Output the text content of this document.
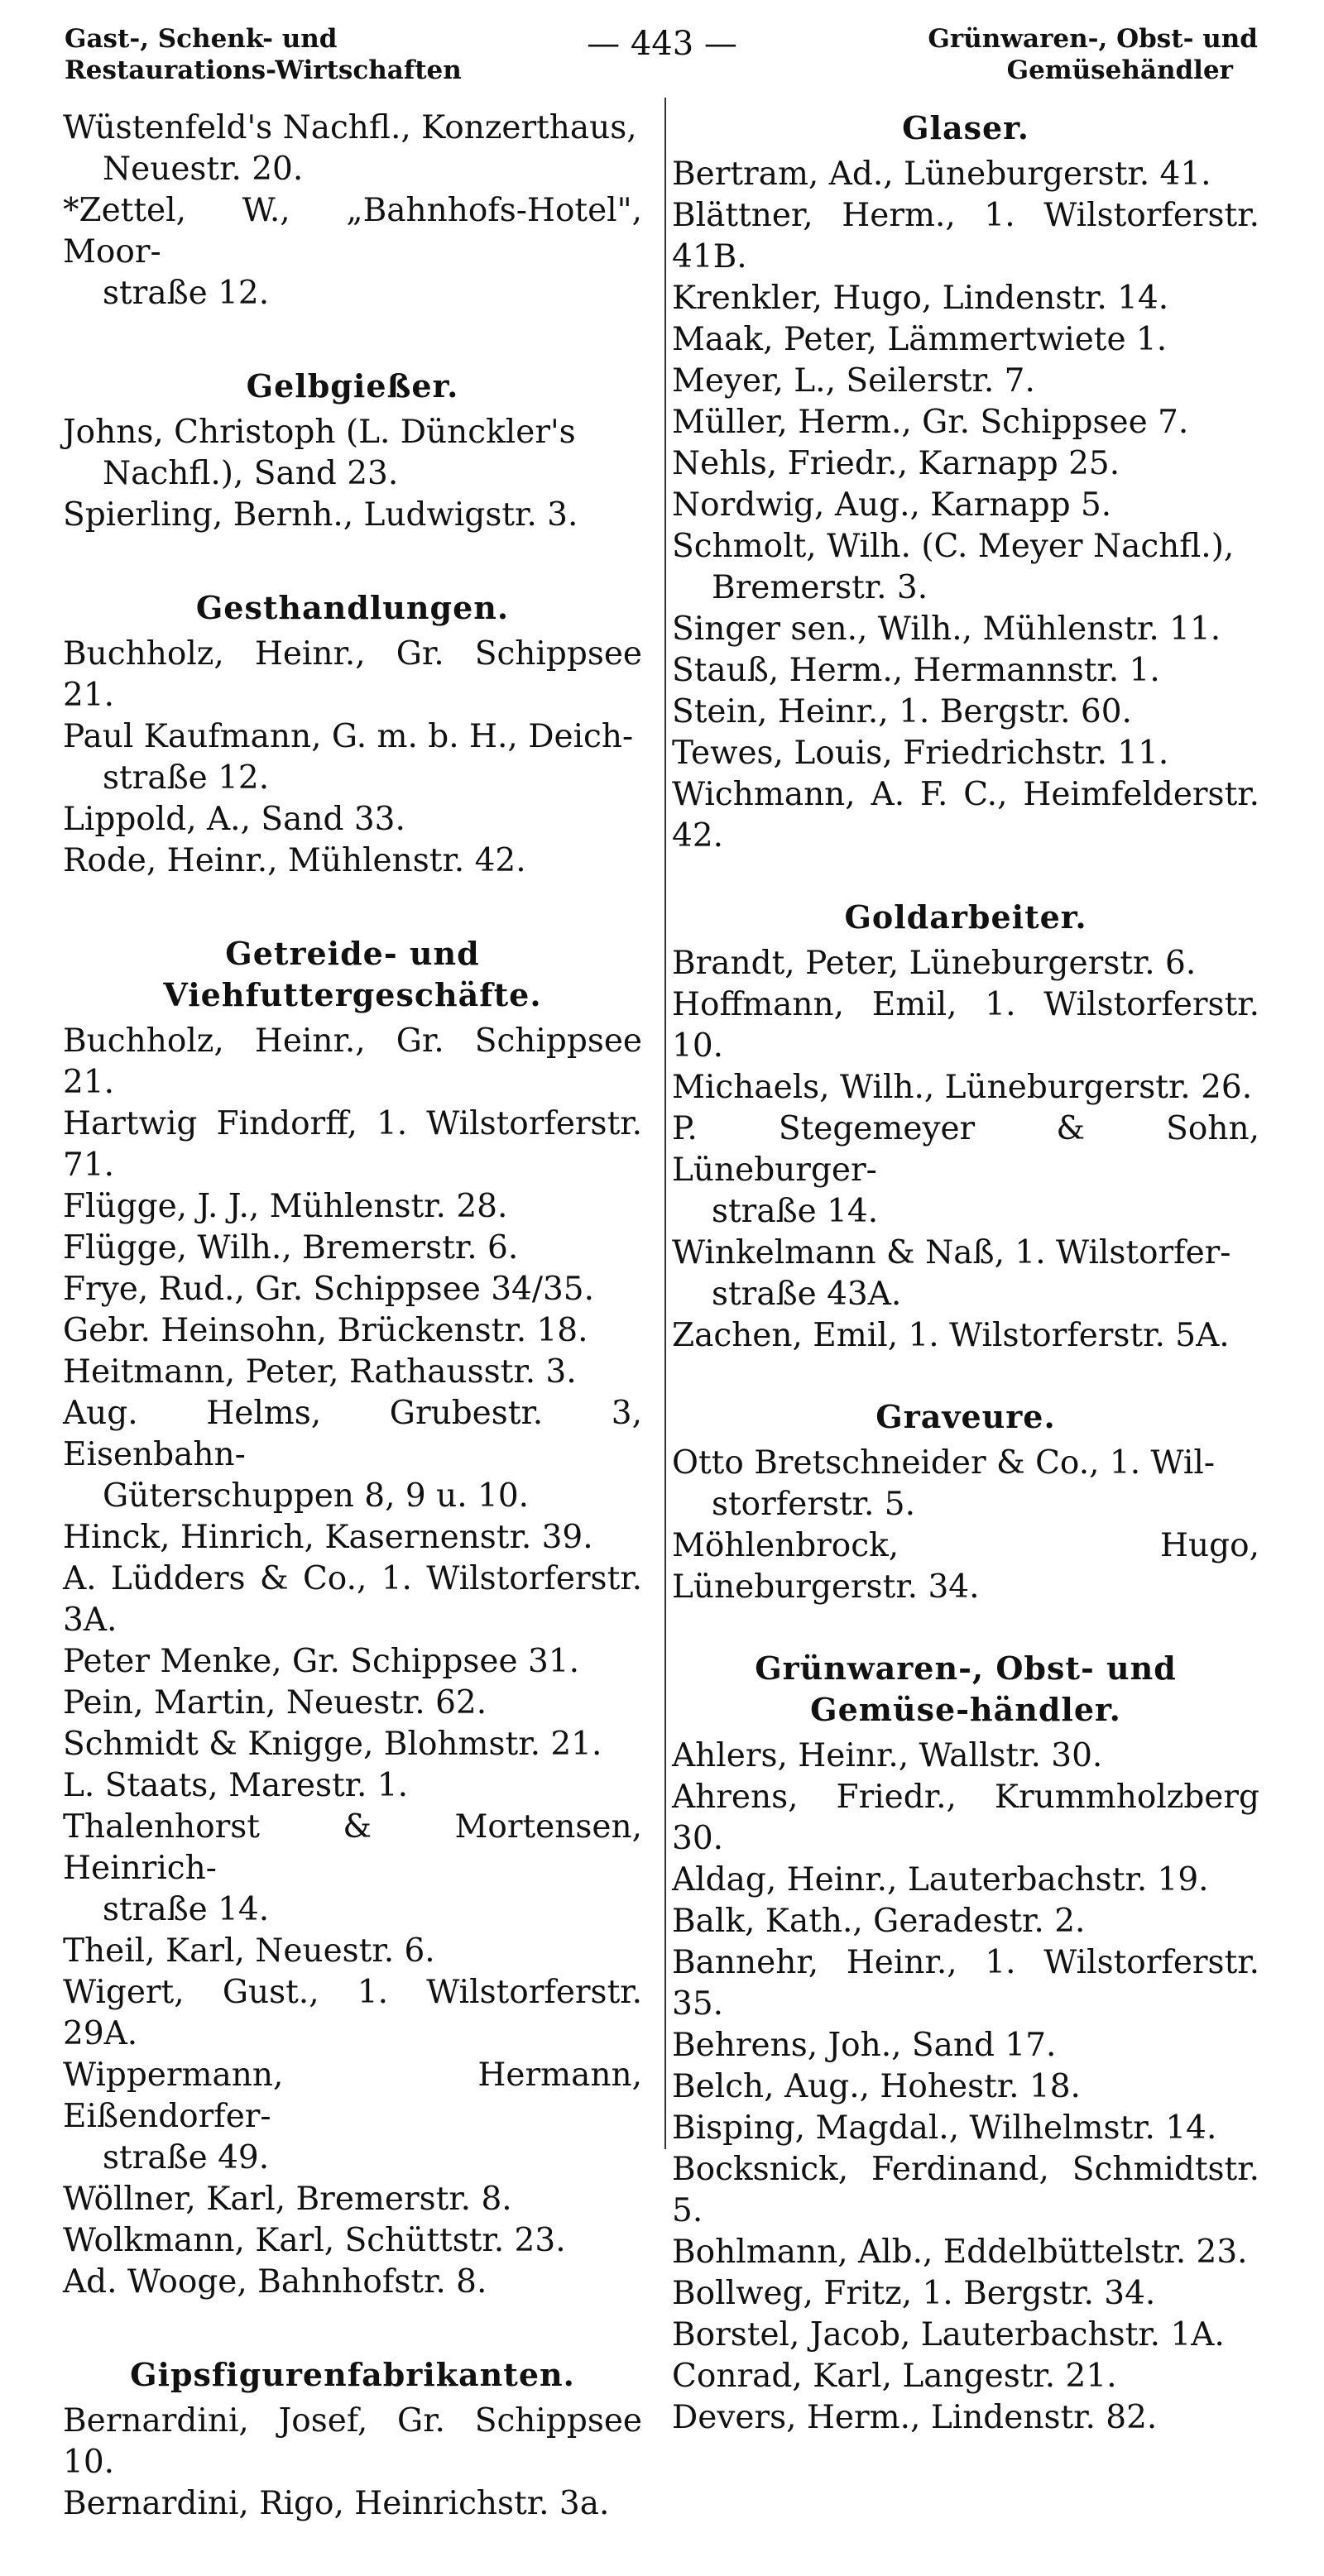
Gast-, Schenk- und
Restaurations-Wirtschaften
— 443 —	Grünwaren-, Obst- und

Gemüsehändler
Wüstenfeld's Nachfl., Konzerthaus,
Neuestr. 20.
*Zettel, W., „Bahnhofs-Hotel", Moor-
straße 12.
Gelbgießer.
Johns, Christoph (L. Dünckler's
Nachfl.), Sand 23.
Spierling, Bernh., Ludwigstr. 3.
Gesthandlungen.
Buchholz, Heinr., Gr. Schippsee 21.
Paul Kaufmann, G. m. b. H., Deich-
straße 12.
Lippold, A., Sand 33.
Rode, Heinr., Mühlenstr. 42.
Getreide- und Viehfuttergeschäfte.
Buchholz, Heinr., Gr. Schippsee 21.
Hartwig Findorff, 1. Wilstorferstr. 71.
Flügge, J. J., Mühlenstr. 28.
Flügge, Wilh., Bremerstr. 6.
Frye, Rud., Gr. Schippsee 34/35.
Gebr. Heinsohn, Brückenstr. 18.
Heitmann, Peter, Rathausstr. 3.
Aug. Helms, Grubestr. 3, Eisenbahn-
Güterschuppen 8, 9 u. 10.
Hinck, Hinrich, Kasernenstr. 39.
A. Lüdders & Co., 1. Wilstorferstr. 3A.
Peter Menke, Gr. Schippsee 31.
Pein, Martin, Neuestr. 62.
Schmidt & Knigge, Blohmstr. 21.
L. Staats, Marestr. 1.
Thalenhorst & Mortensen, Heinrich-
straße 14.
Theil, Karl, Neuestr. 6.
Wigert, Gust., 1. Wilstorferstr. 29A.
Wippermann, Hermann, Eißendorfer-
straße 49.
Wöllner, Karl, Bremerstr. 8.
Wolkmann, Karl, Schüttstr. 23.
Ad. Wooge, Bahnhofstr. 8.
Gipsfigurenfabrikanten.
Bernardini, Josef, Gr. Schippsee 10.
Bernardini, Rigo, Heinrichstr. 3a.
Glaser.
Bertram, Ad., Lüneburgerstr. 41.
Blättner, Herm., 1. Wilstorferstr. 41B.
Krenkler, Hugo, Lindenstr. 14.
Maak, Peter, Lämmertwiete 1.
Meyer, L., Seilerstr. 7.
Müller, Herm., Gr. Schippsee 7.
Nehls, Friedr., Karnapp 25.
Nordwig, Aug., Karnapp 5.
Schmolt, Wilh. (C. Meyer Nachfl.),
Bremerstr. 3.
Singer sen., Wilh., Mühlenstr. 11.
Stauß, Herm., Hermannstr. 1.
Stein, Heinr., 1. Bergstr. 60.
Tewes, Louis, Friedrichstr. 11.
Wichmann, A. F. C., Heimfelderstr. 42.
Goldarbeiter.
Brandt, Peter, Lüneburgerstr. 6.
Hoffmann, Emil, 1. Wilstorferstr. 10.
Michaels, Wilh., Lüneburgerstr. 26.
P. Stegemeyer & Sohn, Lüneburger-
straße 14.
Winkelmann & Naß, 1. Wilstorfer-
straße 43A.
Zachen, Emil, 1. Wilstorferstr. 5A.
Graveure.
Otto Bretschneider & Co., 1. Wil-
storferstr. 5.
Möhlenbrock, Hugo, Lüneburgerstr. 34.
Grünwaren-, Obst- und Gemüse-händler.
Ahlers, Heinr., Wallstr. 30.
Ahrens, Friedr., Krummholzberg 30.
Aldag, Heinr., Lauterbachstr. 19.
Balk, Kath., Geradestr. 2.
Bannehr, Heinr., 1. Wilstorferstr. 35.
Behrens, Joh., Sand 17.
Belch, Aug., Hohestr. 18.
Bisping, Magdal., Wilhelmstr. 14.
Bocksnick, Ferdinand, Schmidtstr. 5.
Bohlmann, Alb., Eddelbüttelstr. 23.
Bollweg, Fritz, 1. Bergstr. 34.
Borstel, Jacob, Lauterbachstr. 1A.
Conrad, Karl, Langestr. 21.
Devers, Herm., Lindenstr. 82.
